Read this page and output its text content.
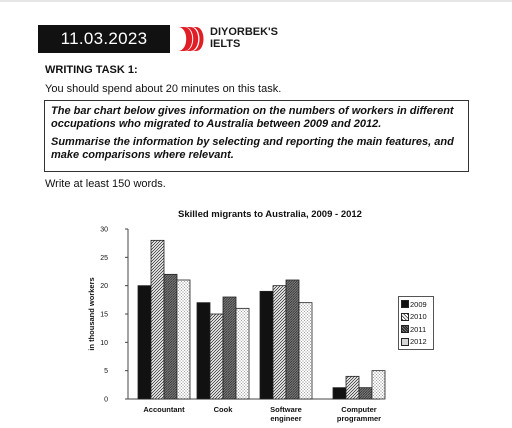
11.03.2023	DIYORBEK'S
IELTS
WRITING TASK 1:
You should spend about 20 minutes on this task.

The bar chart below gives information on the numbers of workers in different occupations who migrated to Australia between 2009 and 2012.

Summarise the information by selecting and reporting the main features, and make comparisons where relevant.

Write at least 150 words.
Skilled migrants to Australia, 2009 - 2012
in thousand workers
0
5
10
15
20
25
30
Accountant	Cook	Software
engineer
Computer
programmer
2009
2010
2011
2012
